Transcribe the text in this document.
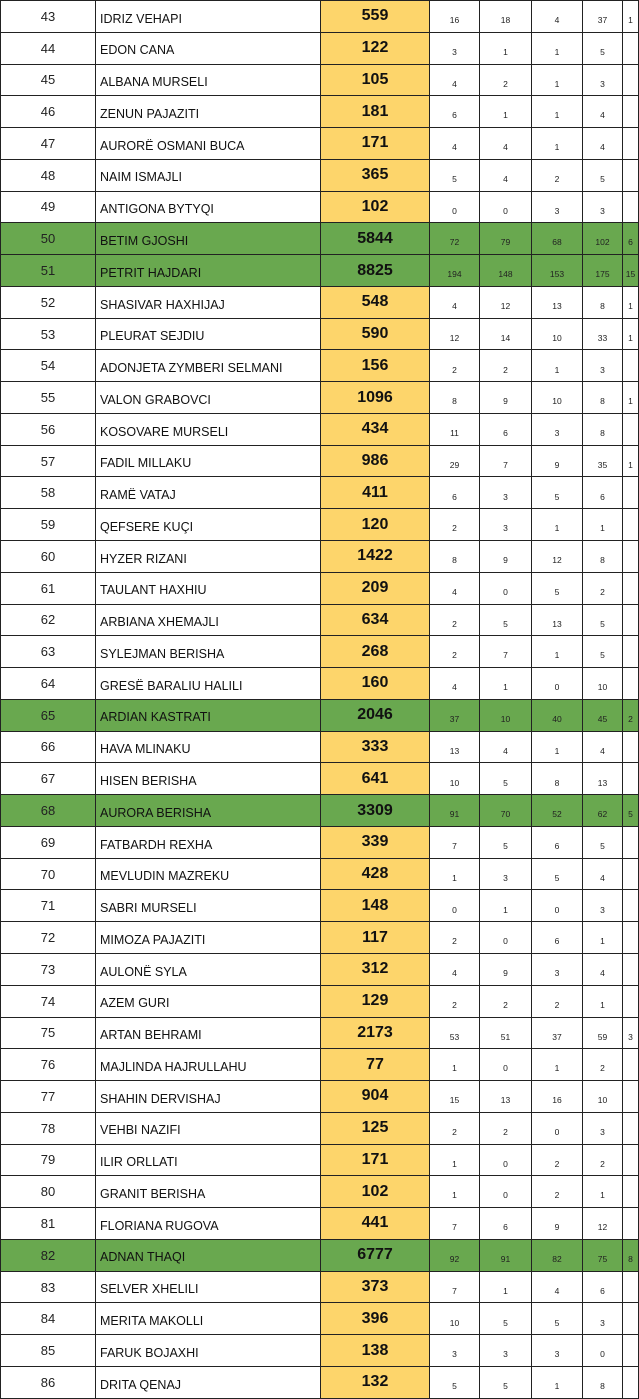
43	IDRIZ VEHAPI	559	16	18	4	37	1
44	EDON CANA	122	3	1	1	5	
45	ALBANA MURSELI	105	4	2	1	3	
46	ZENUN PAJAZITI	181	6	1	1	4	
47	AURORË OSMANI BUCA	171	4	4	1	4	
48	NAIM ISMAJLI	365	5	4	2	5	
49	ANTIGONA BYTYQI	102	0	0	3	3	
50	BETIM GJOSHI	5844	72	79	68	102	6
51	PETRIT HAJDARI	8825	194	148	153	175	15
52	SHASIVAR HAXHIJAJ	548	4	12	13	8	1
53	PLEURAT SEJDIU	590	12	14	10	33	1
54	ADONJETA ZYMBERI SELMANI	156	2	2	1	3	
55	VALON GRABOVCI	1096	8	9	10	8	1
56	KOSOVARE MURSELI	434	11	6	3	8	
57	FADIL MILLAKU	986	29	7	9	35	1
58	RAMË VATAJ	411	6	3	5	6	
59	QEFSERE KUÇI	120	2	3	1	1	
60	HYZER RIZANI	1422	8	9	12	8	
61	TAULANT HAXHIU	209	4	0	5	2	
62	ARBIANA XHEMAJLI	634	2	5	13	5	
63	SYLEJMAN BERISHA	268	2	7	1	5	
64	GRESË BARALIU HALILI	160	4	1	0	10	
65	ARDIAN KASTRATI	2046	37	10	40	45	2
66	HAVA MLINAKU	333	13	4	1	4	
67	HISEN BERISHA	641	10	5	8	13	
68	AURORA BERISHA	3309	91	70	52	62	5
69	FATBARDH REXHA	339	7	5	6	5	
70	MEVLUDIN MAZREKU	428	1	3	5	4	
71	SABRI MURSELI	148	0	1	0	3	
72	MIMOZA PAJAZITI	117	2	0	6	1	
73	AULONË SYLA	312	4	9	3	4	
74	AZEM GURI	129	2	2	2	1	
75	ARTAN BEHRAMI	2173	53	51	37	59	3
76	MAJLINDA HAJRULLAHU	77	1	0	1	2	
77	SHAHIN DERVISHAJ	904	15	13	16	10	
78	VEHBI NAZIFI	125	2	2	0	3	
79	ILIR ORLLATI	171	1	0	2	2	
80	GRANIT BERISHA	102	1	0	2	1	
81	FLORIANA RUGOVA	441	7	6	9	12	
82	ADNAN THAQI	6777	92	91	82	75	8
83	SELVER XHELILI	373	7	1	4	6	
84	MERITA MAKOLLI	396	10	5	5	3	
85	FARUK BOJAXHI	138	3	3	3	0	
86	DRITA QENAJ	132	5	5	1	8	
